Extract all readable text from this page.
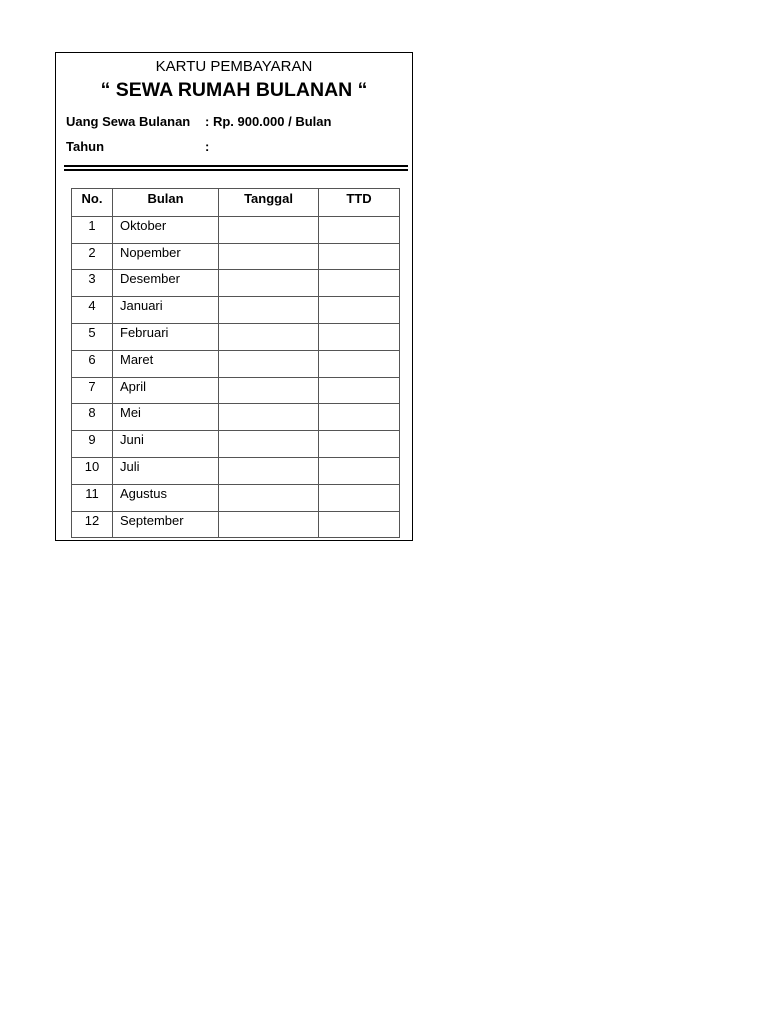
KARTU PEMBAYARAN
“ SEWA RUMAH BULANAN “
Uang Sewa Bulanan : Rp. 900.000 / Bulan
Tahun	:
No.	Bulan	Tanggal	TTD
1	Oktober		
2	Nopember		
3	Desember		
4	Januari		
5	Februari		
6	Maret		
7	April		
8	Mei		
9	Juni		
10	Juli		
11	Agustus		
12	September		
